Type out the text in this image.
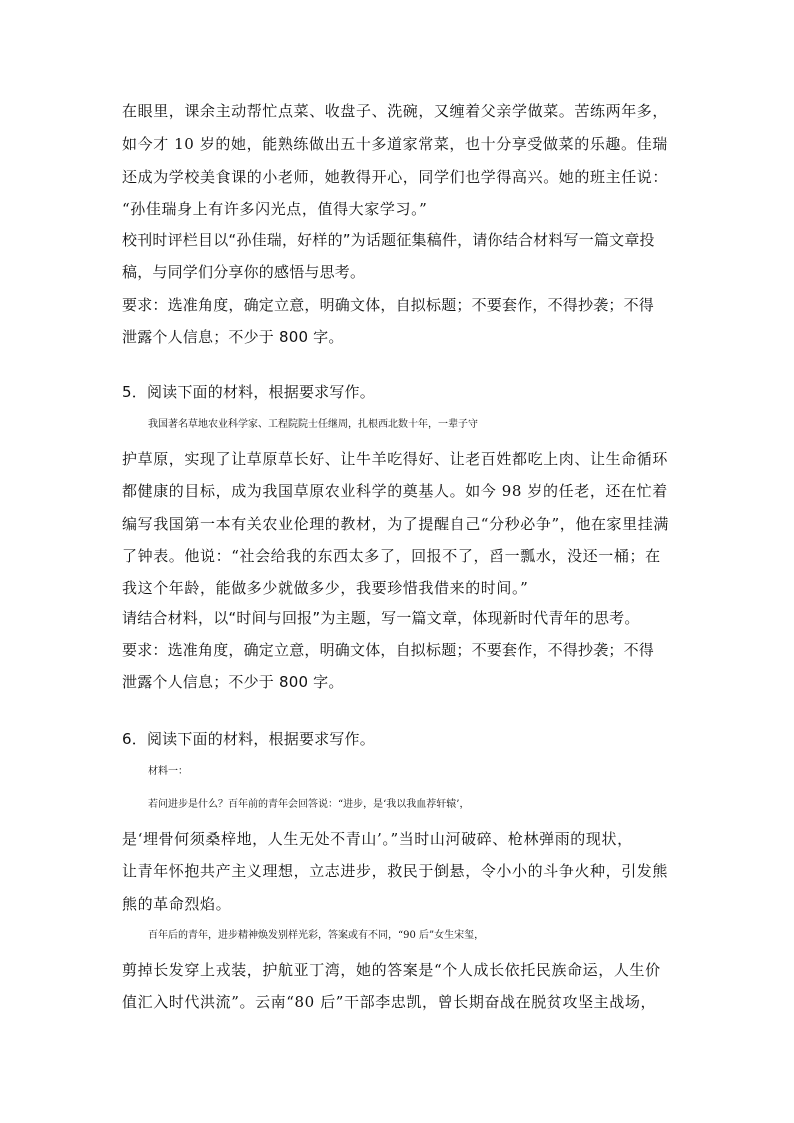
在眼里，课余主动帮忙点菜、收盘子、洗碗，又缠着父亲学做菜。苦练两年多，

如今才 10 岁的她，能熟练做出五十多道家常菜，也十分享受做菜的乐趣。佳瑞

还成为学校美食课的小老师，她教得开心，同学们也学得高兴。她的班主任说：

“孙佳瑞身上有许多闪光点，值得大家学习。”

校刊时评栏目以“孙佳瑞，好样的”为话题征集稿件，请你结合材料写一篇文章投

稿，与同学们分享你的感悟与思考。

要求：选准角度，确定立意，明确文体，自拟标题；不要套作，不得抄袭；不得

泄露个人信息；不少于 800 字。

5．阅读下面的材料，根据要求写作。

我国著名草地农业科学家、工程院院士任继周，扎根西北数十年，一辈子守

护草原，实现了让草原草长好、让牛羊吃得好、让老百姓都吃上肉、让生命循环

都健康的目标，成为我国草原农业科学的奠基人。如今 98 岁的任老，还在忙着

编写我国第一本有关农业伦理的教材，为了提醒自己“分秒必争”，他在家里挂满

了钟表。他说：“社会给我的东西太多了，回报不了，舀一瓢水，没还一桶；在

我这个年龄，能做多少就做多少，我要珍惜我借来的时间。”

请结合材料，以“时间与回报”为主题，写一篇文章，体现新时代青年的思考。

要求：选准角度，确定立意，明确文体，自拟标题；不要套作，不得抄袭；不得

泄露个人信息；不少于 800 字。

6．阅读下面的材料，根据要求写作。

材料一：

若问进步是什么？百年前的青年会回答说：“进步，是‘我以我血荐轩辕’，

是‘埋骨何须桑梓地，人生无处不青山’。”当时山河破碎、枪林弹雨的现状，

让青年怀抱共产主义理想，立志进步，救民于倒悬，令小小的斗争火种，引发熊

熊的革命烈焰。

百年后的青年，进步精神焕发别样光彩，答案或有不同，“90 后”女生宋玺，

剪掉长发穿上戎装，护航亚丁湾，她的答案是“个人成长依托民族命运，人生价

值汇入时代洪流”。云南“80 后”干部李忠凯，曾长期奋战在脱贫攻坚主战场，
